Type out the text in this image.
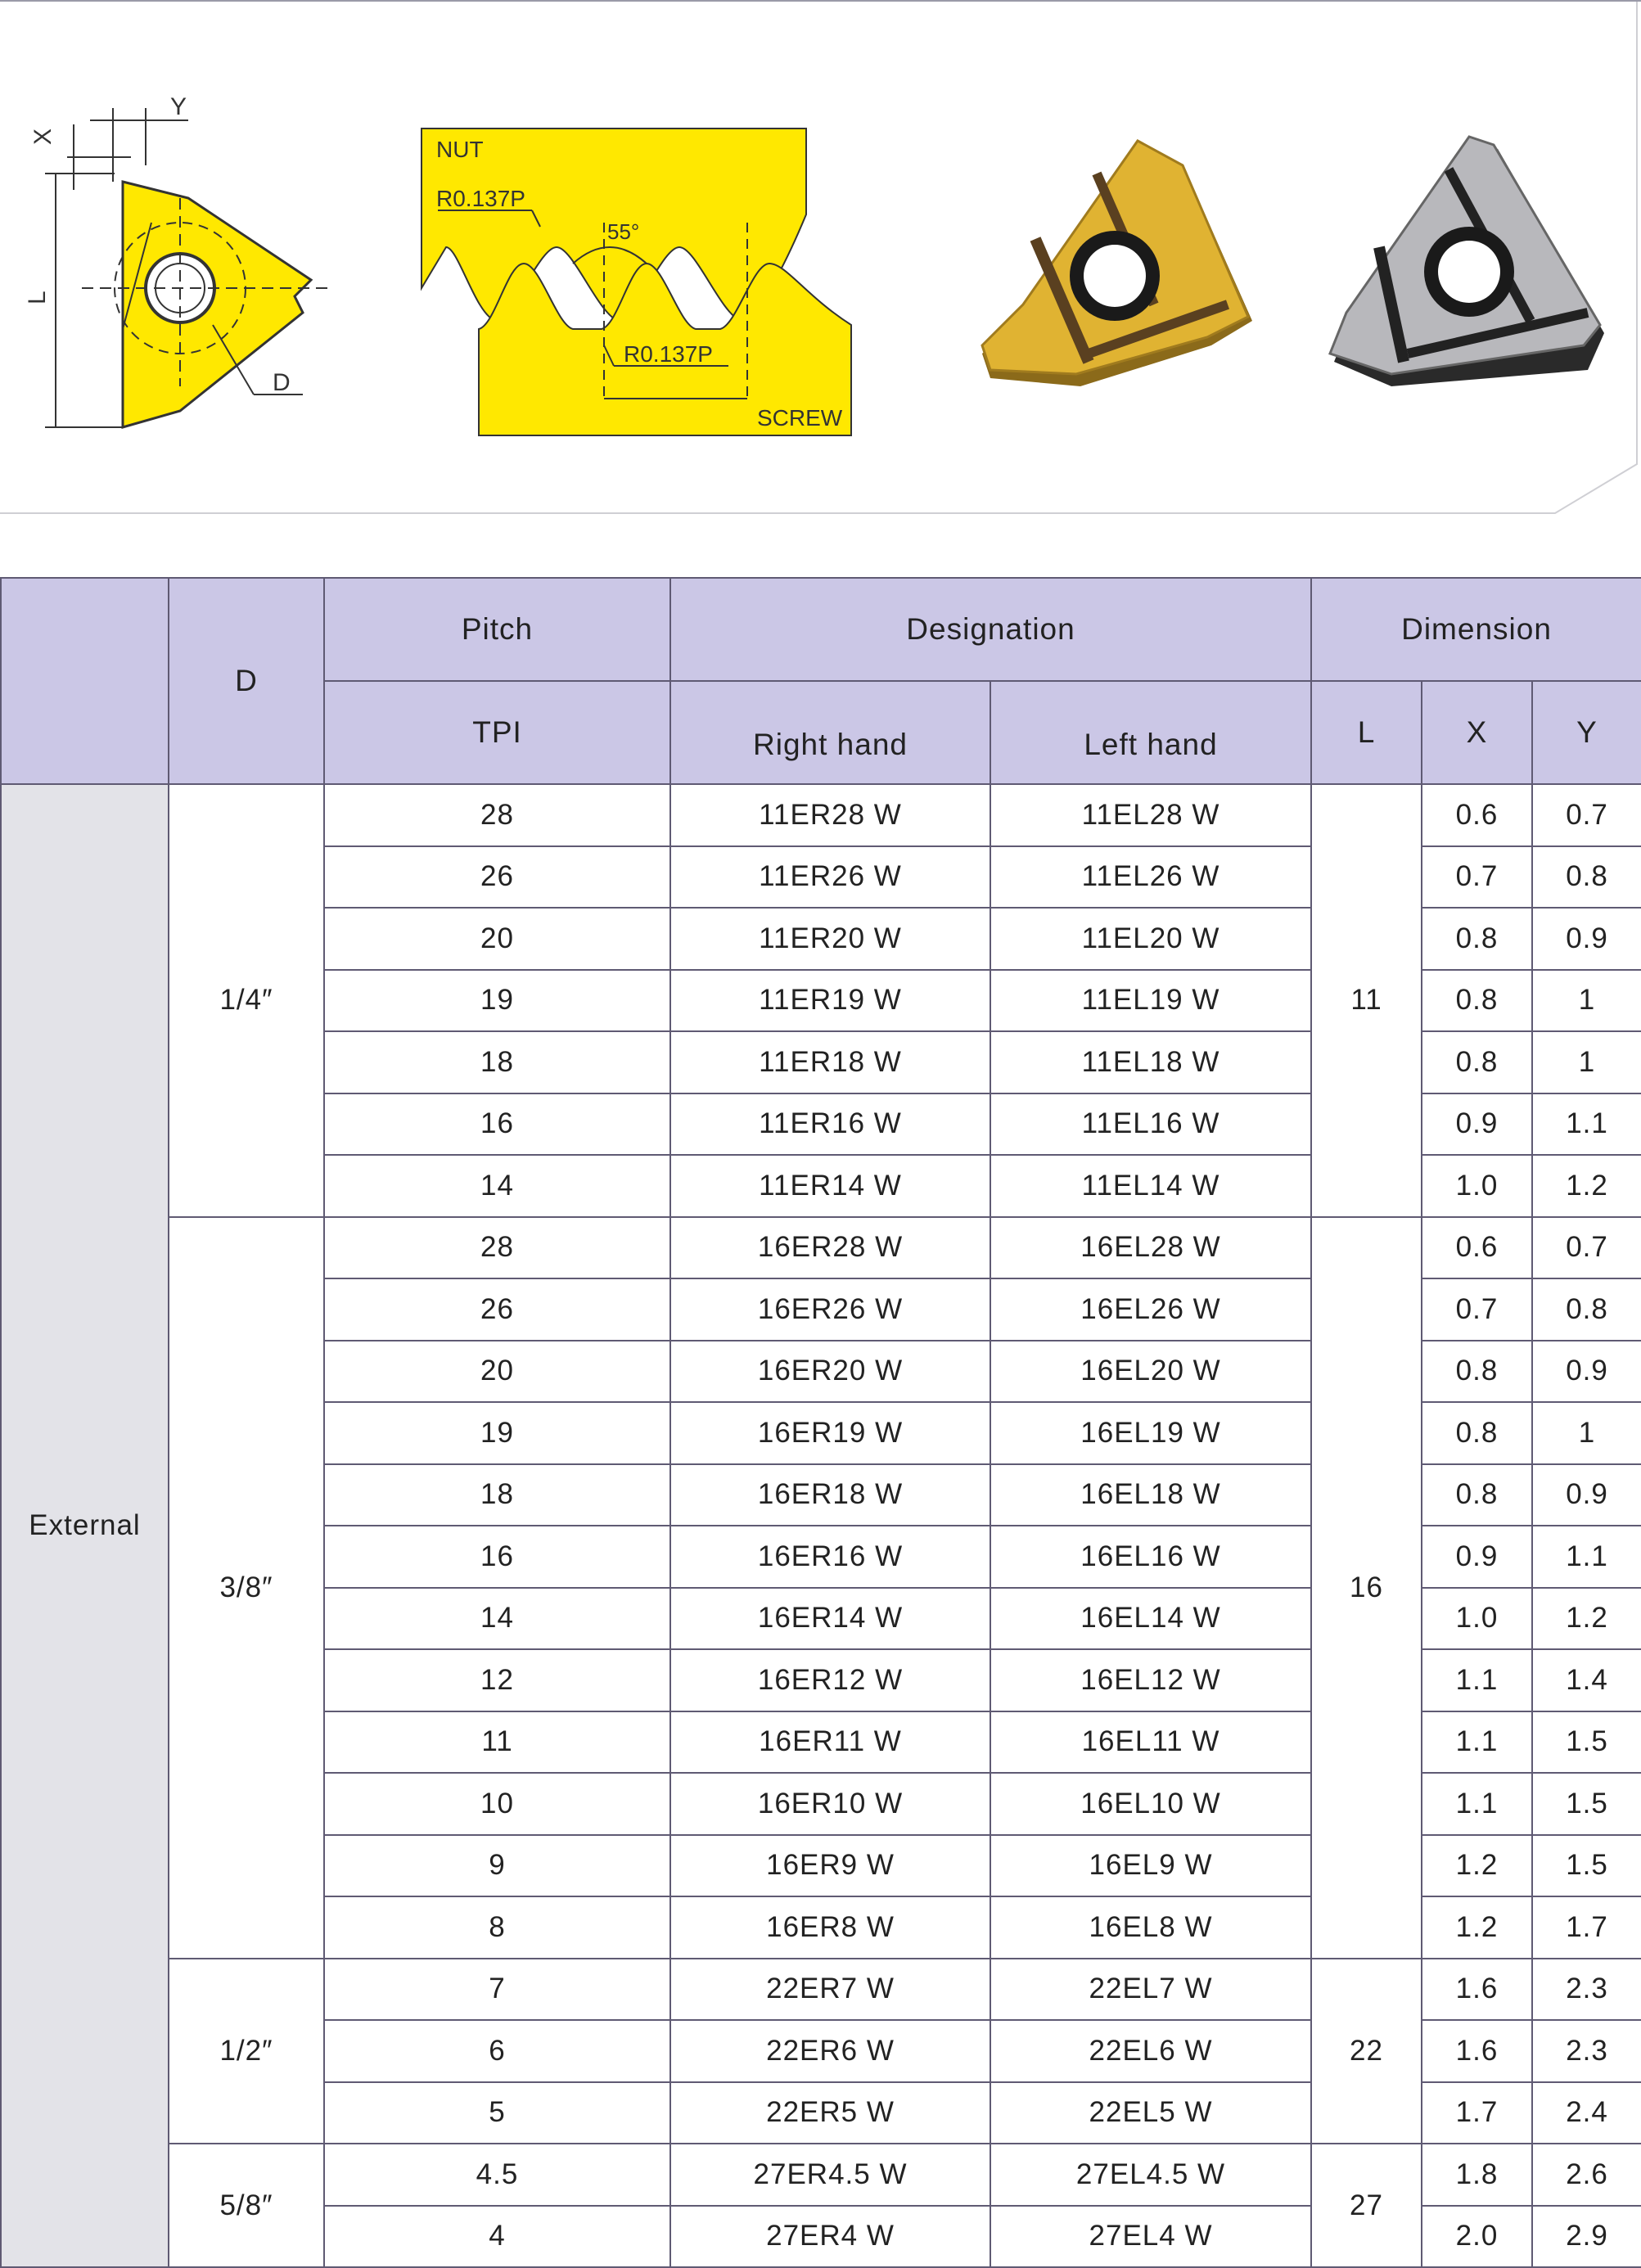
Y
X
L
D
NUT
R0.137P
55°
R0.137P
SCREW
	D	Pitch	Designation		Dimension		
		TPI	Right hand	Left hand	L	X	Y
External	1/4″	28	11ER28 W	11EL28 W	11	0.6	0.7
		26	11ER26 W	11EL26 W		0.7	0.8
		20	11ER20 W	11EL20 W		0.8	0.9
		19	11ER19 W	11EL19 W		0.8	1
		18	11ER18 W	11EL18 W		0.8	1
		16	11ER16 W	11EL16 W		0.9	1.1
		14	11ER14 W	11EL14 W		1.0	1.2
	3/8″	28	16ER28 W	16EL28 W	16	0.6	0.7
		26	16ER26 W	16EL26 W		0.7	0.8
		20	16ER20 W	16EL20 W		0.8	0.9
		19	16ER19 W	16EL19 W		0.8	1
		18	16ER18 W	16EL18 W		0.8	0.9
		16	16ER16 W	16EL16 W		0.9	1.1
		14	16ER14 W	16EL14 W		1.0	1.2
		12	16ER12 W	16EL12 W		1.1	1.4
		11	16ER11 W	16EL11 W		1.1	1.5
		10	16ER10 W	16EL10 W		1.1	1.5
		9	16ER9 W	16EL9 W		1.2	1.5
		8	16ER8 W	16EL8 W		1.2	1.7
	1/2″	7	22ER7 W	22EL7 W	22	1.6	2.3
		6	22ER6 W	22EL6 W		1.6	2.3
		5	22ER5 W	22EL5 W		1.7	2.4
	5/8″	4.5	27ER4.5 W	27EL4.5 W	27	1.8	2.6
		4	27ER4 W	27EL4 W		2.0	2.9
